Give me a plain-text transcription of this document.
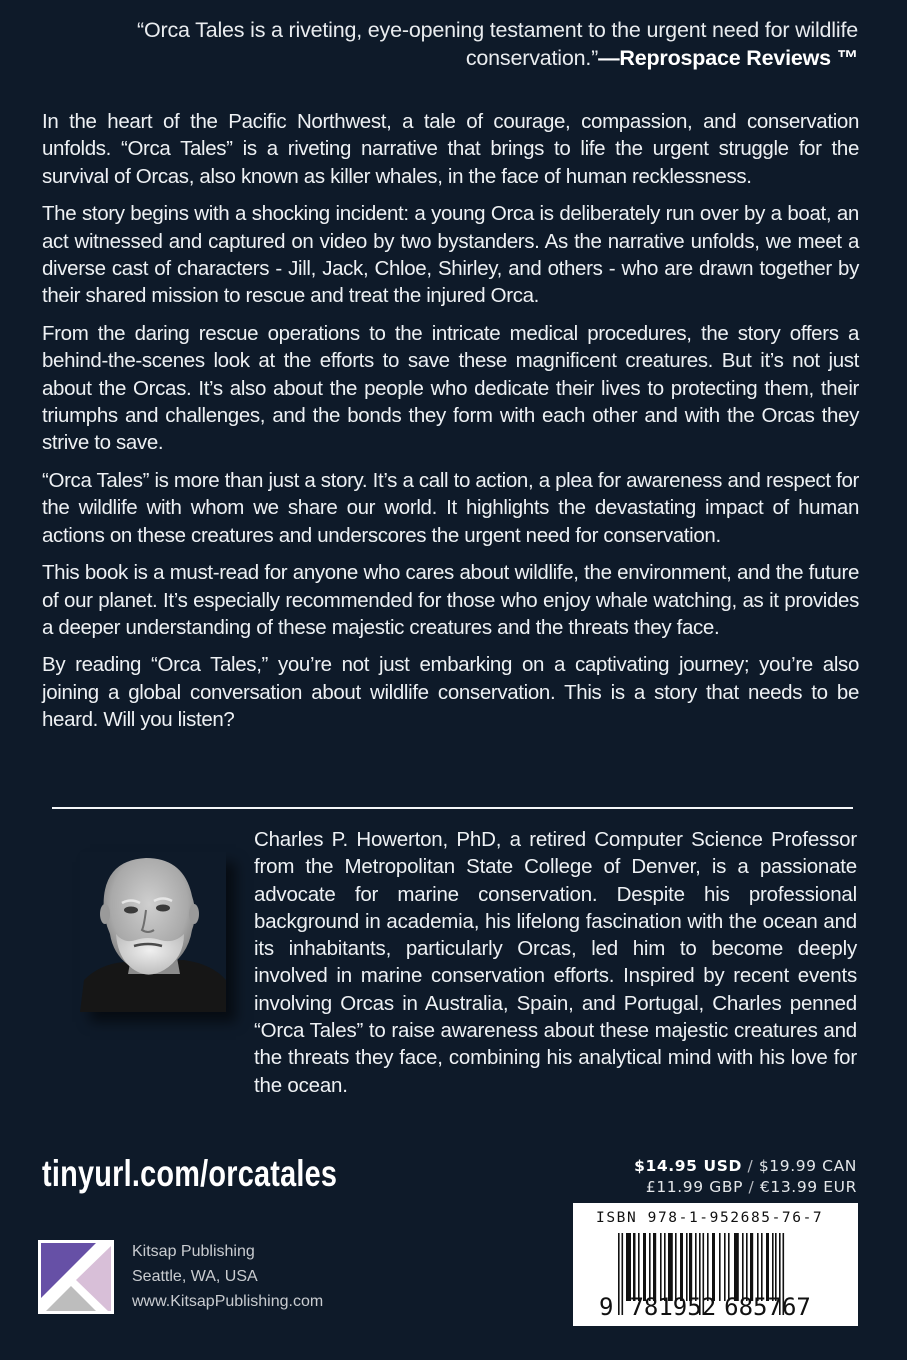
“Orca Tales is a riveting, eye-opening testament to the urgent need for wildlife conservation.”—Reprospace Reviews ™

In the heart of the Pacific Northwest, a tale of courage, compassion, and conservation unfolds. “Orca Tales” is a riveting narrative that brings to life the urgent struggle for the survival of Orcas, also known as killer whales, in the face of human recklessness.

The story begins with a shocking incident: a young Orca is deliberately run over by a boat, an act witnessed and captured on video by two bystanders. As the narrative unfolds, we meet a diverse cast of characters - Jill, Jack, Chloe, Shirley, and others - who are drawn together by their shared mission to rescue and treat the injured Orca.

From the daring rescue operations to the intricate medical procedures, the story offers a behind-the-scenes look at the efforts to save these magnificent creatures. But it’s not just about the Orcas. It’s also about the people who dedicate their lives to protecting them, their triumphs and challenges, and the bonds they form with each other and with the Orcas they strive to save.

“Orca Tales” is more than just a story. It’s a call to action, a plea for awareness and respect for the wildlife with whom we share our world. It highlights the devastating impact of human actions on these creatures and underscores the urgent need for conservation.

This book is a must-read for anyone who cares about wildlife, the environment, and the future of our planet. It’s especially recommended for those who enjoy whale watching, as it provides a deeper understanding of these majestic creatures and the threats they face.

By reading “Orca Tales,” you’re not just embarking on a captivating journey; you’re also joining a global conversation about wildlife conservation. This is a story that needs to be heard. Will you listen?

Charles P. Howerton, PhD, a retired Computer Science Professor from the Metropolitan State College of Denver, is a passionate advocate for marine conservation. Despite his professional background in academia, his lifelong fascination with the ocean and its inhabitants, particularly Orcas, led him to become deeply involved in marine conservation efforts. Inspired by recent events involving Orcas in Australia, Spain, and Portugal, Charles penned “Orca Tales” to raise awareness about these majestic creatures and the threats they face, combining his analytical mind with his love for the ocean.

tinyurl.com/orcatales
Kitsap Publishing
Seattle, WA, USA
www.KitsapPublishing.com
$14.95 USD / $19.99 CAN
£11.99 GBP / €13.99 EUR
ISBN 978-1-952685-76-7
9 781952 685767
